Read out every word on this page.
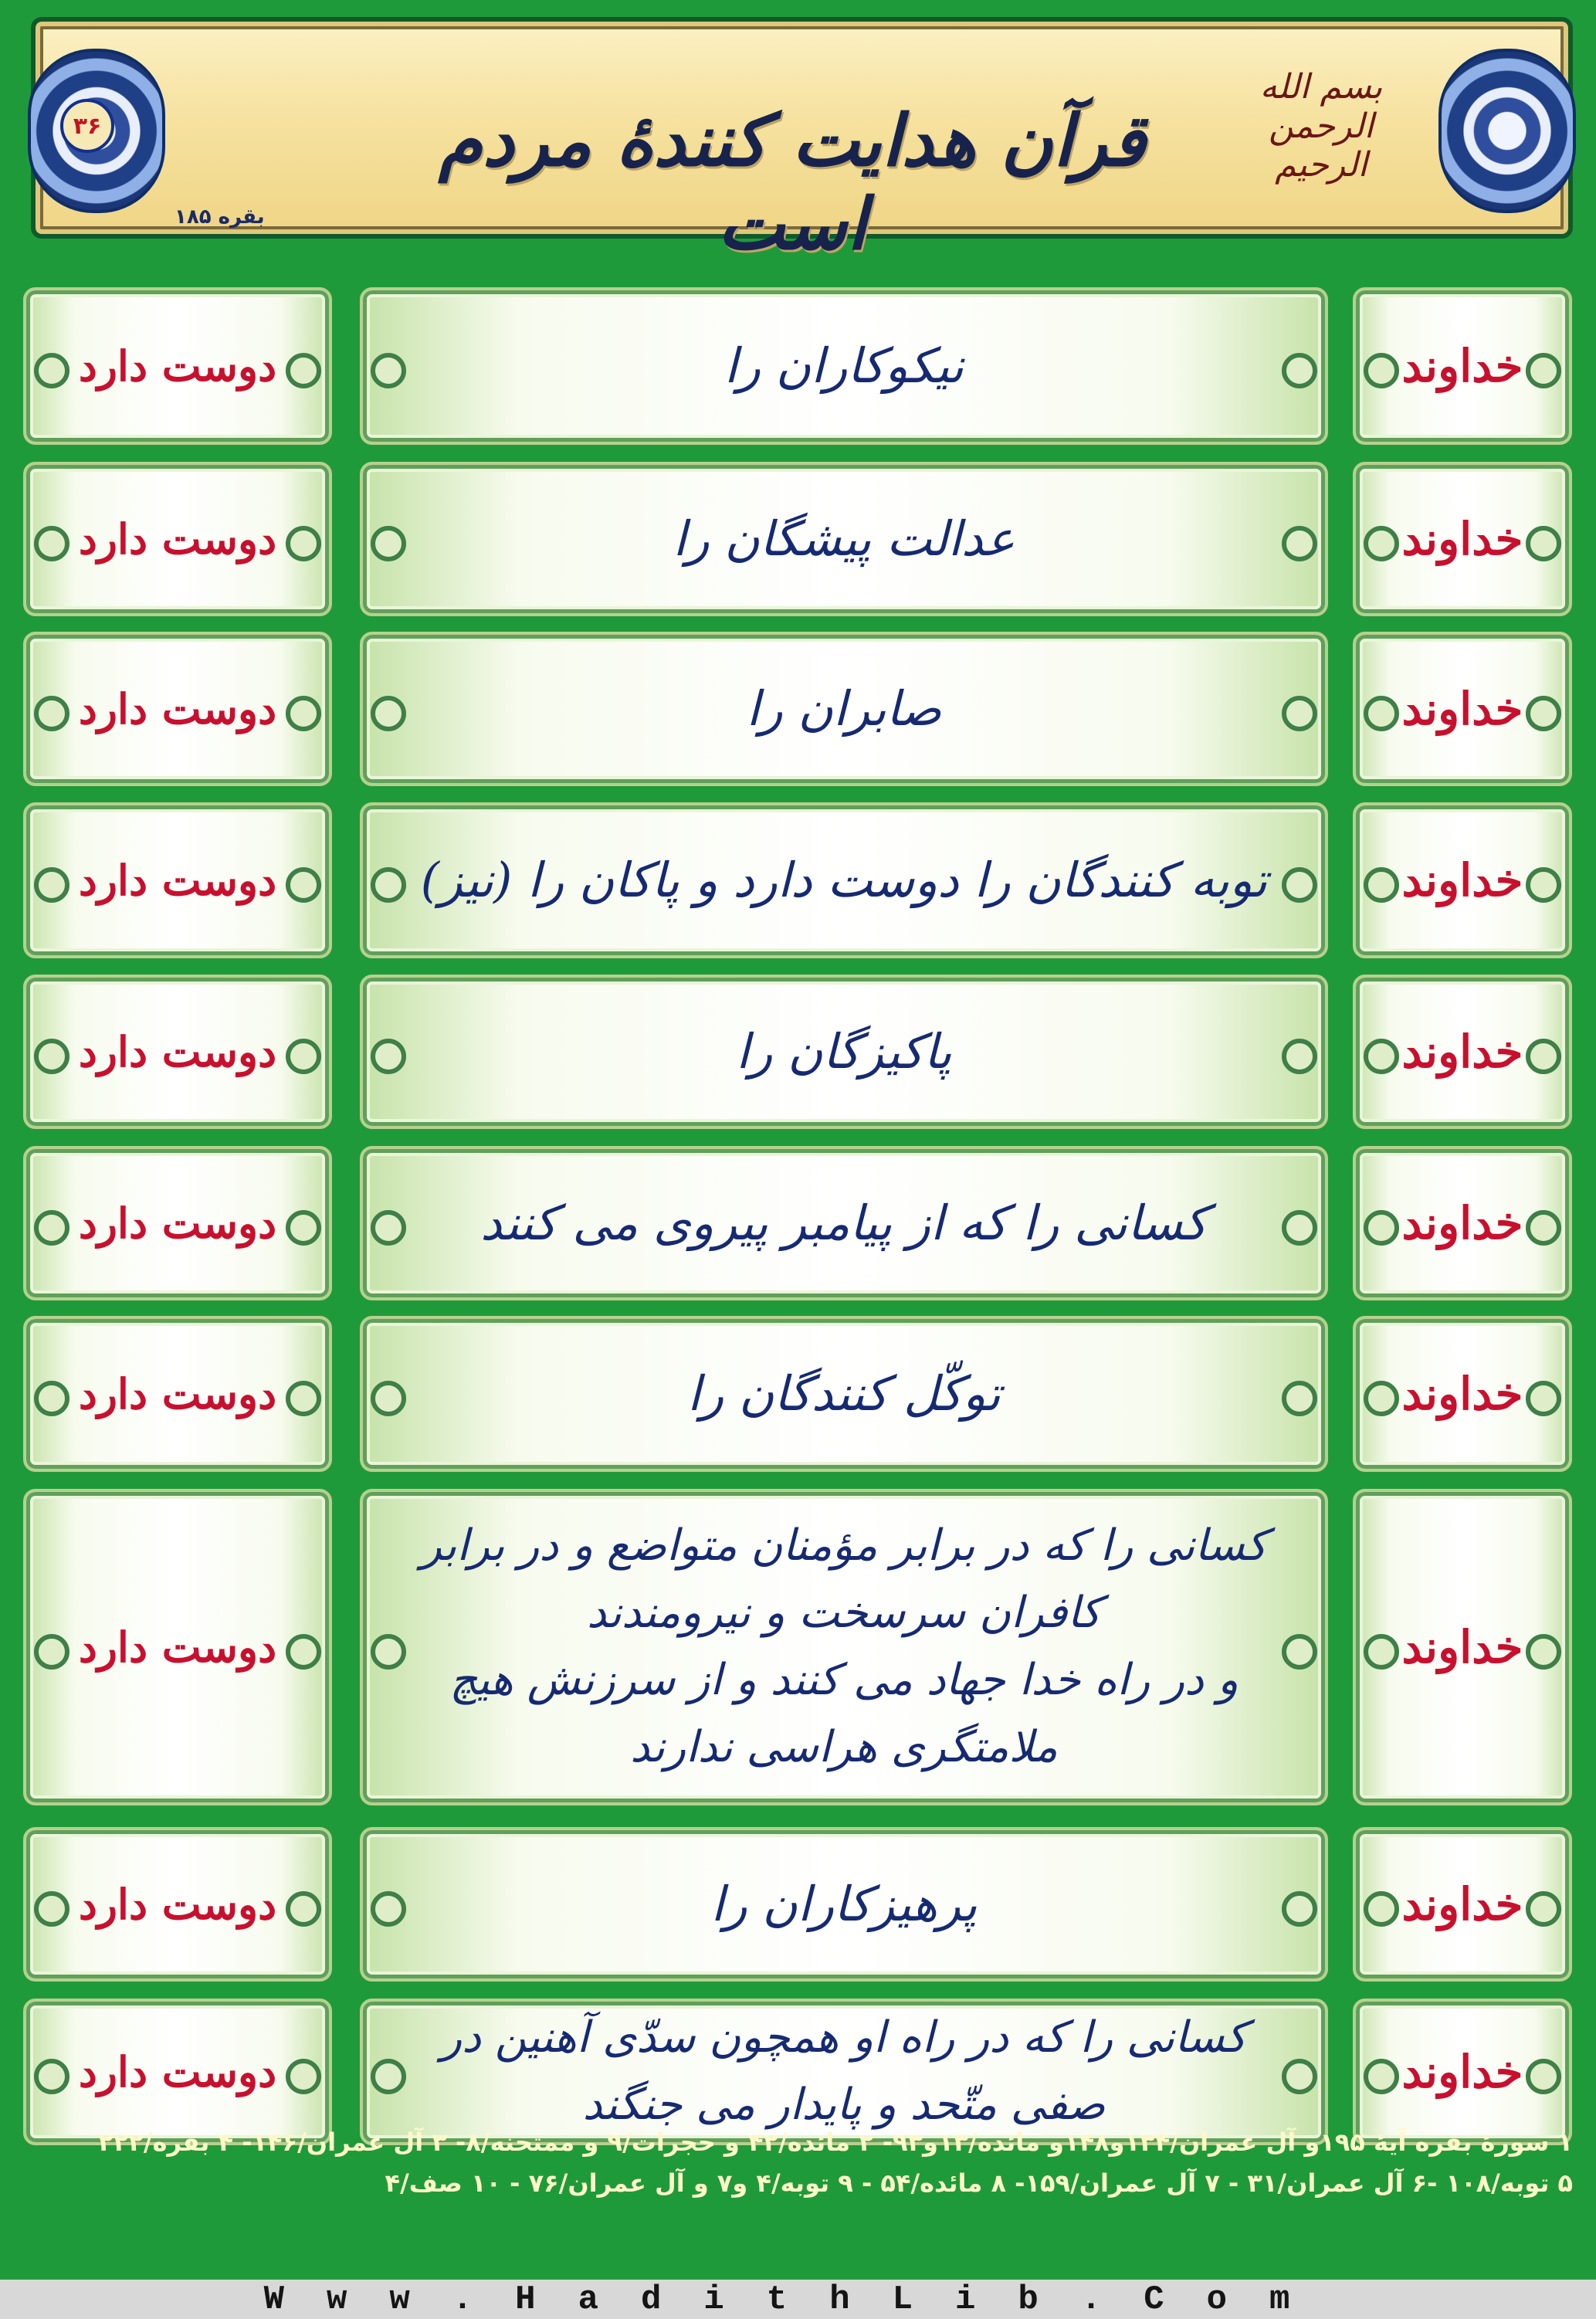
۳۶
بقره ۱۸۵
قرآن هدایت کنندهٔ مردم است
بسم الله الرحمن الرحیم
خداوند
نیکوکاران را
دوست دارد
خداوند
عدالت پیشگان را
دوست دارد
خداوند
صابران را
دوست دارد
خداوند
توبه کنندگان را دوست دارد و پاکان را (نیز)
دوست دارد
خداوند
پاکیزگان را
دوست دارد
خداوند
کسانی را که از پیامبر پیروی می کنند
دوست دارد
خداوند
توکّل کنندگان را
دوست دارد
خداوند
کسانی را که در برابر مؤمنان متواضع و در برابر کافران سرسخت و نیرومندند
و در راه خدا جهاد می کنند و از سرزنش هیچ ملامتگری هراسی ندارند
دوست دارد
خداوند
پرهیزکاران را
دوست دارد
خداوند
کسانی را که در راه او همچون سدّی آهنین در صفی متّحد و پایدار می جنگند
دوست دارد
۱ سورهٔ بقره آیهٔ ۱۹۵و آل عمران/۱۳۴و۱۴۸و مائده/۱۳و۹۳- ۲ مائده/۴۲ و حجرات/۹ و ممتحنه/۸- ۳ آل عمران/۱۴۶- ۴ بقره/۲۲۲
۵ توبه/۱۰۸ -۶ آل عمران/۳۱ - ۷ آل عمران/۱۵۹- ۸ مائده/۵۴ - ۹ توبه/۴ و۷ و آل عمران/۷۶ - ۱۰ صف/۴
Www.HadithLib.Com
